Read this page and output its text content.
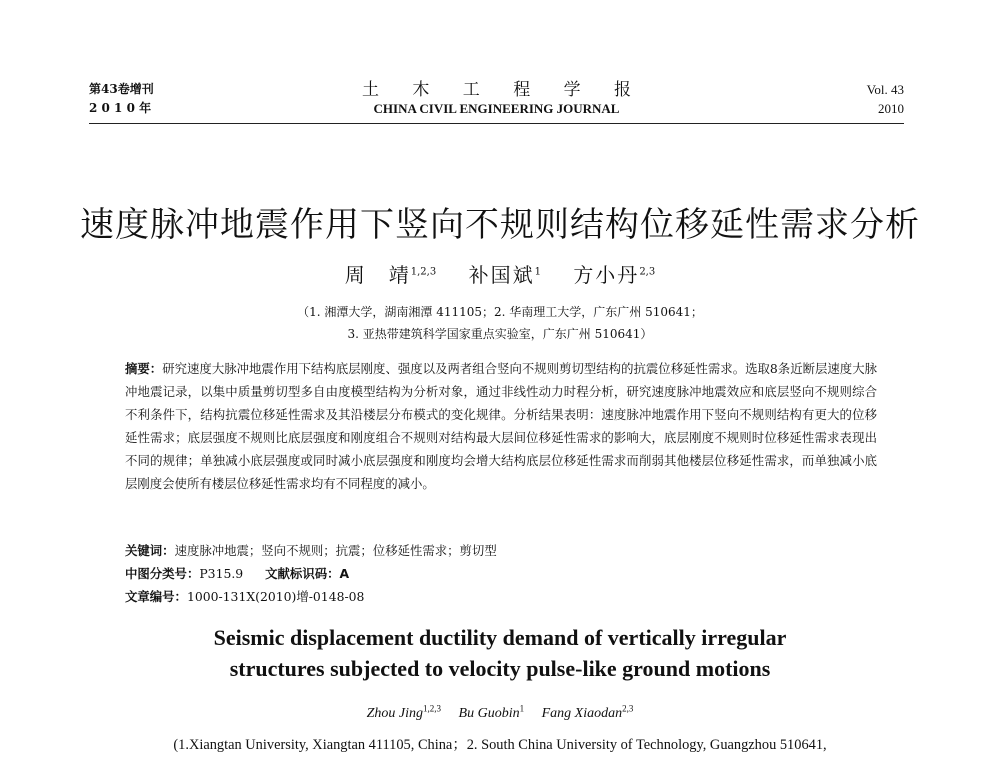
第43卷增刊
2 0 1 0 年
土 木 工 程 学 报
CHINA CIVIL ENGINEERING JOURNAL
Vol. 43
2010
速度脉冲地震作用下竖向不规则结构位移延性需求分析
周　靖$^{1,2,3}$ 补国斌$^1$ 方小丹$^{2,3}$
（1. 湘潭大学，湖南湘潭 411105；2. 华南理工大学，广东广州 510641；
3. 亚热带建筑科学国家重点实验室，广东广州 510641）

摘要：研究速度大脉冲地震作用下结构底层刚度、强度以及两者组合竖向不规则剪切型结构的抗震位移延性需求。选取8条近断层速度大脉冲地震记录，以集中质量剪切型多自由度模型结构为分析对象，通过非线性动力时程分析，研究速度脉冲地震效应和底层竖向不规则综合不利条件下，结构抗震位移延性需求及其沿楼层分布模式的变化规律。分析结果表明：速度脉冲地震作用下竖向不规则结构有更大的位移延性需求；底层强度不规则比底层强度和刚度组合不规则对结构最大层间位移延性需求的影响大，底层刚度不规则时位移延性需求表现出不同的规律；单独减小底层强度或同时减小底层强度和刚度均会增大结构底层位移延性需求而削弱其他楼层位移延性需求，而单独减小底层刚度会使所有楼层位移延性需求均有不同程度的减小。

关键词：速度脉冲地震；竖向不规则；抗震；位移延性需求；剪切型
中图分类号：P315.9 文献标识码：A
文章编号：1000-131X(2010)增-0148-08
Seismic displacement ductility demand of vertically irregular
structures subjected to velocity pulse-like ground motions
Zhou Jing$^{1,2,3}$ Bu Guobin$^1$ Fang Xiaodan$^{2,3}$
(1.Xiangtan University, Xiangtan 411105, China；2. South China University of Technology, Guangzhou 510641,
